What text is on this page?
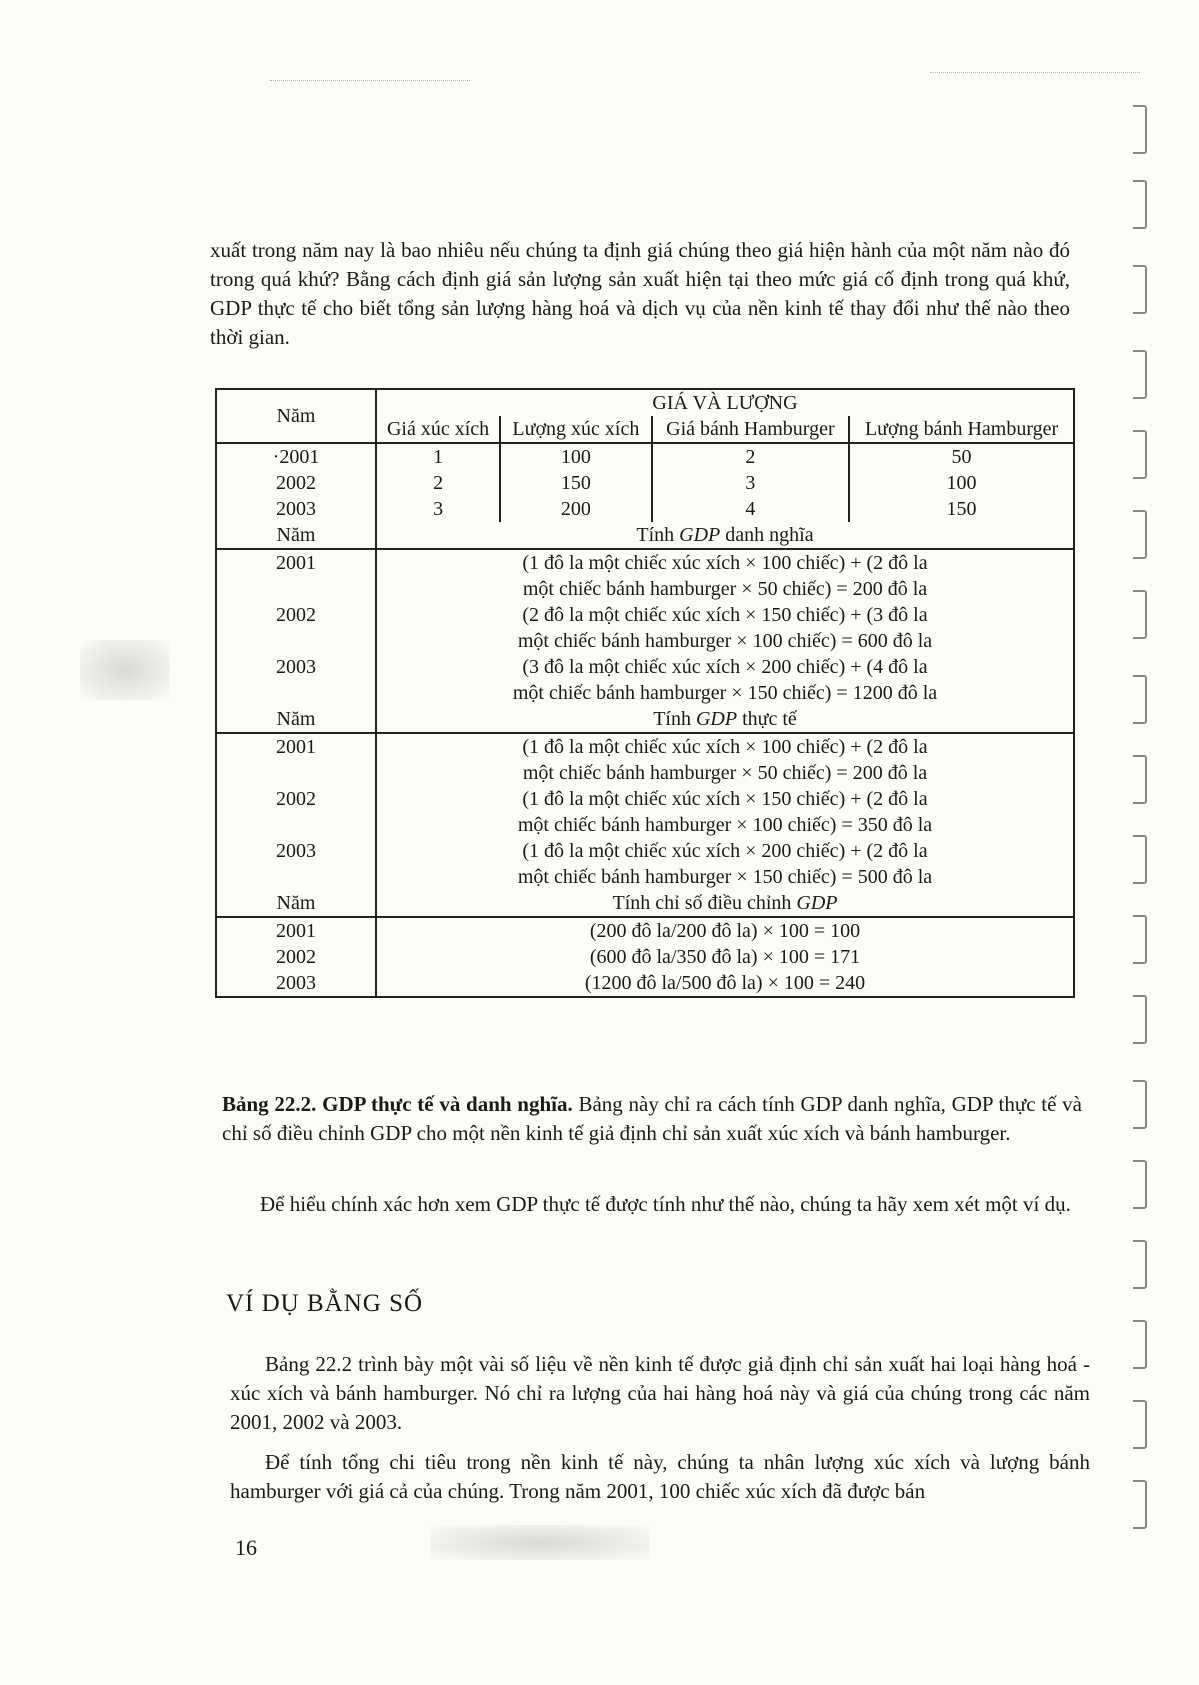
xuất trong năm nay là bao nhiêu nếu chúng ta định giá chúng theo giá hiện hành của một năm nào đó trong quá khứ? Bằng cách định giá sản lượng sản xuất hiện tại theo mức giá cố định trong quá khứ, GDP thực tế cho biết tổng sản lượng hàng hoá và dịch vụ của nền kinh tế thay đổi như thế nào theo thời gian.
Năm	GIÁ VÀ LƯỢNG			
	Giá xúc xích	Lượng xúc xích	Giá bánh Hamburger	Lượng bánh Hamburger
·2001	1	100	2	50
2002	2	150	3	100
2003	3	200	4	150
Năm	Tính GDP danh nghĩa			
2001	(1 đô la một chiếc xúc xích × 100 chiếc) + (2 đô la
một chiếc bánh hamburger × 50 chiếc) = 200 đô la			
2002	(2 đô la một chiếc xúc xích × 150 chiếc) + (3 đô la
một chiếc bánh hamburger × 100 chiếc) = 600 đô la			
2003	(3 đô la một chiếc xúc xích × 200 chiếc) + (4 đô la
một chiếc bánh hamburger × 150 chiếc) = 1200 đô la			
Năm	Tính GDP thực tế			
2001	(1 đô la một chiếc xúc xích × 100 chiếc) + (2 đô la
một chiếc bánh hamburger × 50 chiếc) = 200 đô la			
2002	(1 đô la một chiếc xúc xích × 150 chiếc) + (2 đô la
một chiếc bánh hamburger × 100 chiếc) = 350 đô la			
2003	(1 đô la một chiếc xúc xích × 200 chiếc) + (2 đô la
một chiếc bánh hamburger × 150 chiếc) = 500 đô la			
Năm	Tính chỉ số điều chỉnh GDP			
2001	(200 đô la/200 đô la) × 100 = 100			
2002	(600 đô la/350 đô la) × 100 = 171			
2003	(1200 đô la/500 đô la) × 100 = 240			
Bảng 22.2. GDP thực tế và danh nghĩa. Bảng này chỉ ra cách tính GDP danh nghĩa, GDP thực tế và chỉ số điều chỉnh GDP cho một nền kinh tế giả định chỉ sản xuất xúc xích và bánh hamburger.
Để hiểu chính xác hơn xem GDP thực tế được tính như thế nào, chúng ta hãy xem xét một ví dụ.
VÍ DỤ BẰNG SỐ
Bảng 22.2 trình bày một vài số liệu về nền kinh tế được giả định chỉ sản xuất hai loại hàng hoá - xúc xích và bánh hamburger. Nó chỉ ra lượng của hai hàng hoá này và giá của chúng trong các năm 2001, 2002 và 2003.
Để tính tổng chi tiêu trong nền kinh tế này, chúng ta nhân lượng xúc xích và lượng bánh hamburger với giá cả của chúng. Trong năm 2001, 100 chiếc xúc xích đã được bán
16
